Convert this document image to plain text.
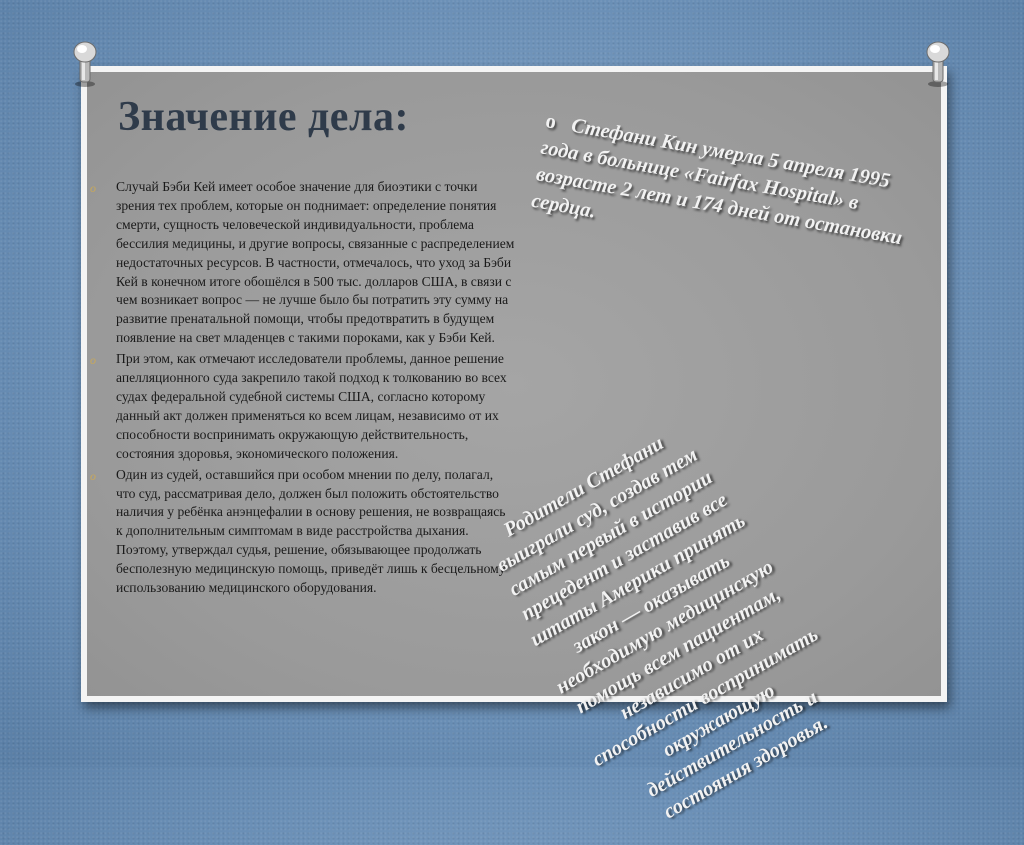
Значение дела:
o Случай Бэби Кей имеет особое значение для биоэтики с точки зрения тех проблем, которые он поднимает: определение понятия смерти, сущность человеческой индивидуальности, проблема бессилия медицины, и другие вопросы, связанные с распределением недостаточных ресурсов. В частности, отмечалось, что уход за Бэби Кей в конечном итоге обошёлся в 500 тыс. долларов США, в связи с чем возникает вопрос — не лучше было бы потратить эту сумму на развитие пренатальной помощи, чтобы предотвратить в будущем появление на свет младенцев с такими пороками, как у Бэби Кей.
o При этом, как отмечают исследователи проблемы, данное решение апелляционного суда закрепило такой подход к толкованию во всех судах федеральной судебной системы США, согласно которому данный акт должен применяться ко всем лицам, независимо от их способности воспринимать окружающую действительность, состояния здоровья, экономического положения.
o Один из судей, оставшийся при особом мнении по делу, полагал, что суд, рассматривая дело, должен был положить обстоятельство наличия у ребёнка анэнцефалии в основу решения, не возвращаясь к дополнительным симптомам в виде расстройства дыхания. Поэтому, утверждал судья, решение, обязывающее продолжать бесполезную медицинскую помощь, приведёт лишь к бесцельному использованию медицинского оборудования.

o Стефани Кин умерла 5 апреля 1995 года в больнице «Fairfax Hospital» в возрасте 2 лет и 174 дней от остановки сердца.

Родители Стефани выиграли суд, создав тем самым первый в истории прецедент и заставив все штаты Америки принять закон — оказывать необходимую медицинскую помощь всем пациентам, независимо от их способности воспринимать окружающую действительность и состояния здоровья.
